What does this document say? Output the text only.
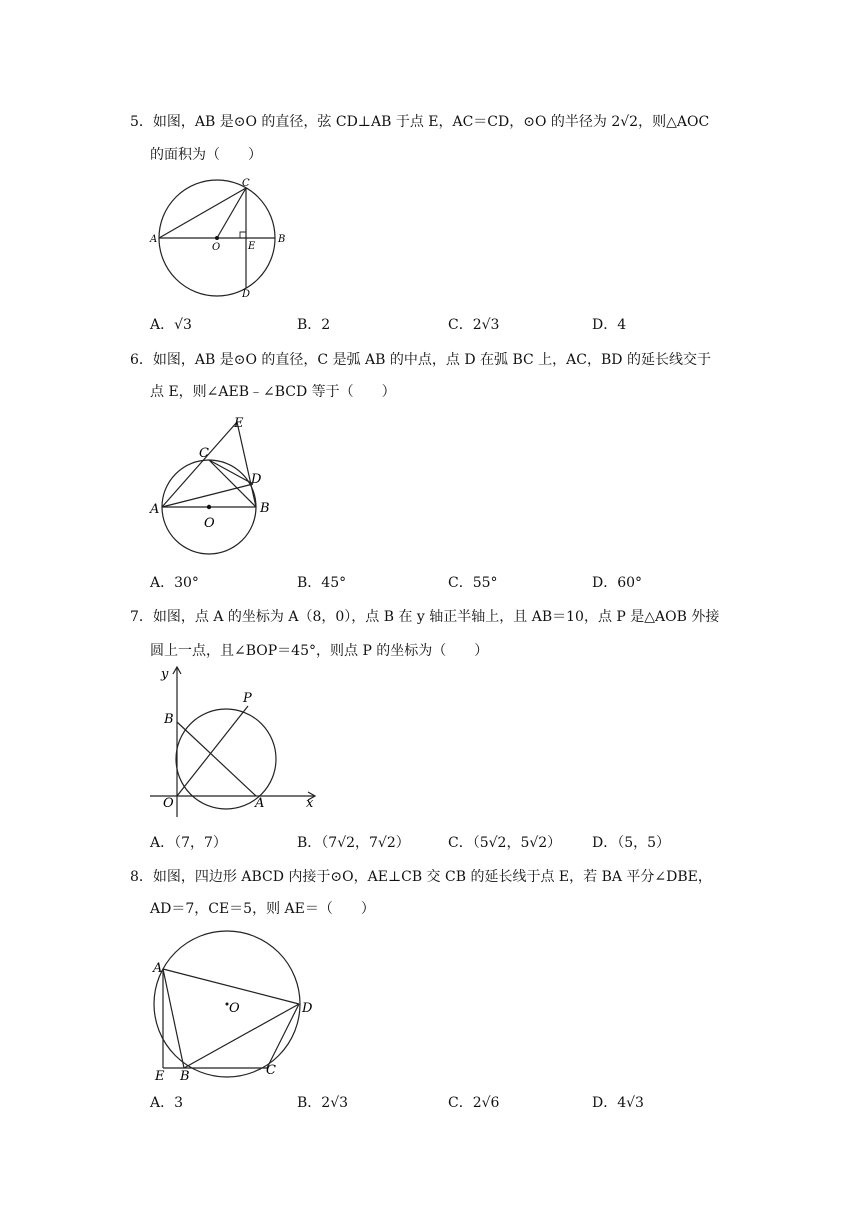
5．如图，AB 是⊙O 的直径，弦 CD⊥AB 于点 E，AC＝CD，⊙O 的半径为 2√2，则△AOC
的面积为（　　）
A	B
C
D
E
O
A．√3	B．2	C．2√3	D．4
6．如图，AB 是⊙O 的直径，C 是弧 AB 的中点，点 D 在弧 BC 上，AC，BD 的延长线交于
点 E，则∠AEB﹣∠BCD 等于（　　）
E
C
D
A	B
O
A．30°	B．45°	C．55°	D．60°
7．如图，点 A 的坐标为 A（8，0），点 B 在 y 轴正半轴上，且 AB＝10，点 P 是△AOB 外接
圆上一点，且∠BOP＝45°，则点 P 的坐标为（　　）
y
B
P
O	A	x
A．（7，7）	B．（7√2，7√2）	C．（5√2，5√2） D．（5，5）
8．如图，四边形 ABCD 内接于⊙O，AE⊥CB 交 CB 的延长线于点 E，若 BA 平分∠DBE，
AD＝7，CE＝5，则 AE＝（　　）
A
O	D
E B	C
A．3	B．2√3	C．2√6	D．4√3
